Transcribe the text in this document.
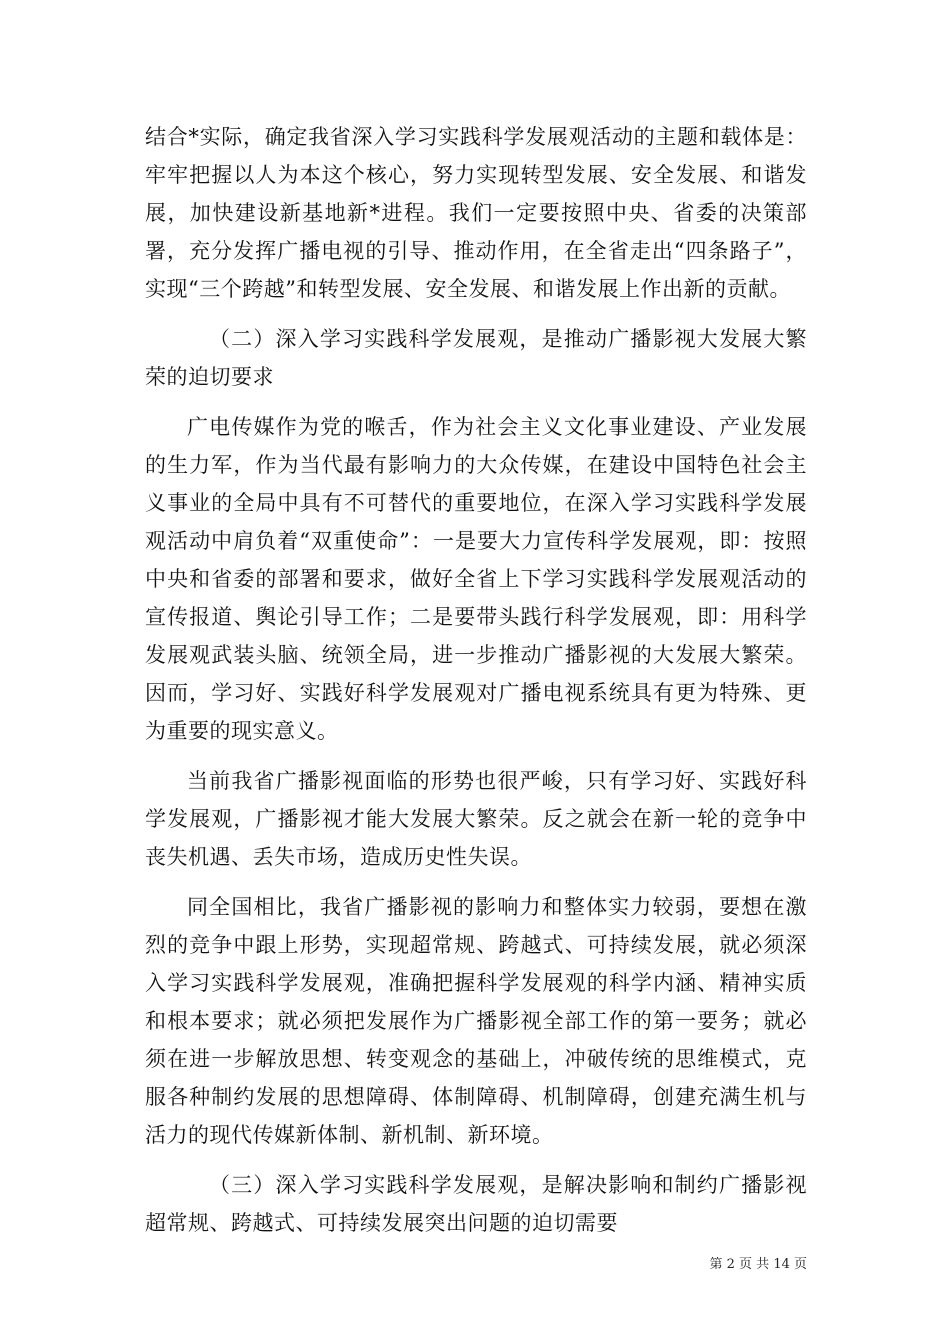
结合*实际，确定我省深入学习实践科学发展观活动的主题和载体是：牢牢把握以人为本这个核心，努力实现转型发展、安全发展、和谐发展，加快建设新基地新*进程。我们一定要按照中央、省委的决策部署，充分发挥广播电视的引导、推动作用，在全省走出“四条路子”，实现“三个跨越”和转型发展、安全发展、和谐发展上作出新的贡献。

（二）深入学习实践科学发展观，是推动广播影视大发展大繁荣的迫切要求

广电传媒作为党的喉舌，作为社会主义文化事业建设、产业发展的生力军，作为当代最有影响力的大众传媒，在建设中国特色社会主义事业的全局中具有不可替代的重要地位，在深入学习实践科学发展观活动中肩负着“双重使命”：一是要大力宣传科学发展观，即：按照中央和省委的部署和要求，做好全省上下学习实践科学发展观活动的宣传报道、舆论引导工作；二是要带头践行科学发展观，即：用科学发展观武装头脑、统领全局，进一步推动广播影视的大发展大繁荣。因而，学习好、实践好科学发展观对广播电视系统具有更为特殊、更为重要的现实意义。

当前我省广播影视面临的形势也很严峻，只有学习好、实践好科学发展观，广播影视才能大发展大繁荣。反之就会在新一轮的竞争中丧失机遇、丢失市场，造成历史性失误。

同全国相比，我省广播影视的影响力和整体实力较弱，要想在激烈的竞争中跟上形势，实现超常规、跨越式、可持续发展，就必须深入学习实践科学发展观，准确把握科学发展观的科学内涵、精神实质和根本要求；就必须把发展作为广播影视全部工作的第一要务；就必须在进一步解放思想、转变观念的基础上，冲破传统的思维模式，克服各种制约发展的思想障碍、体制障碍、机制障碍，创建充满生机与活力的现代传媒新体制、新机制、新环境。

（三）深入学习实践科学发展观，是解决影响和制约广播影视超常规、跨越式、可持续发展突出问题的迫切需要

第 2 页 共 14 页
